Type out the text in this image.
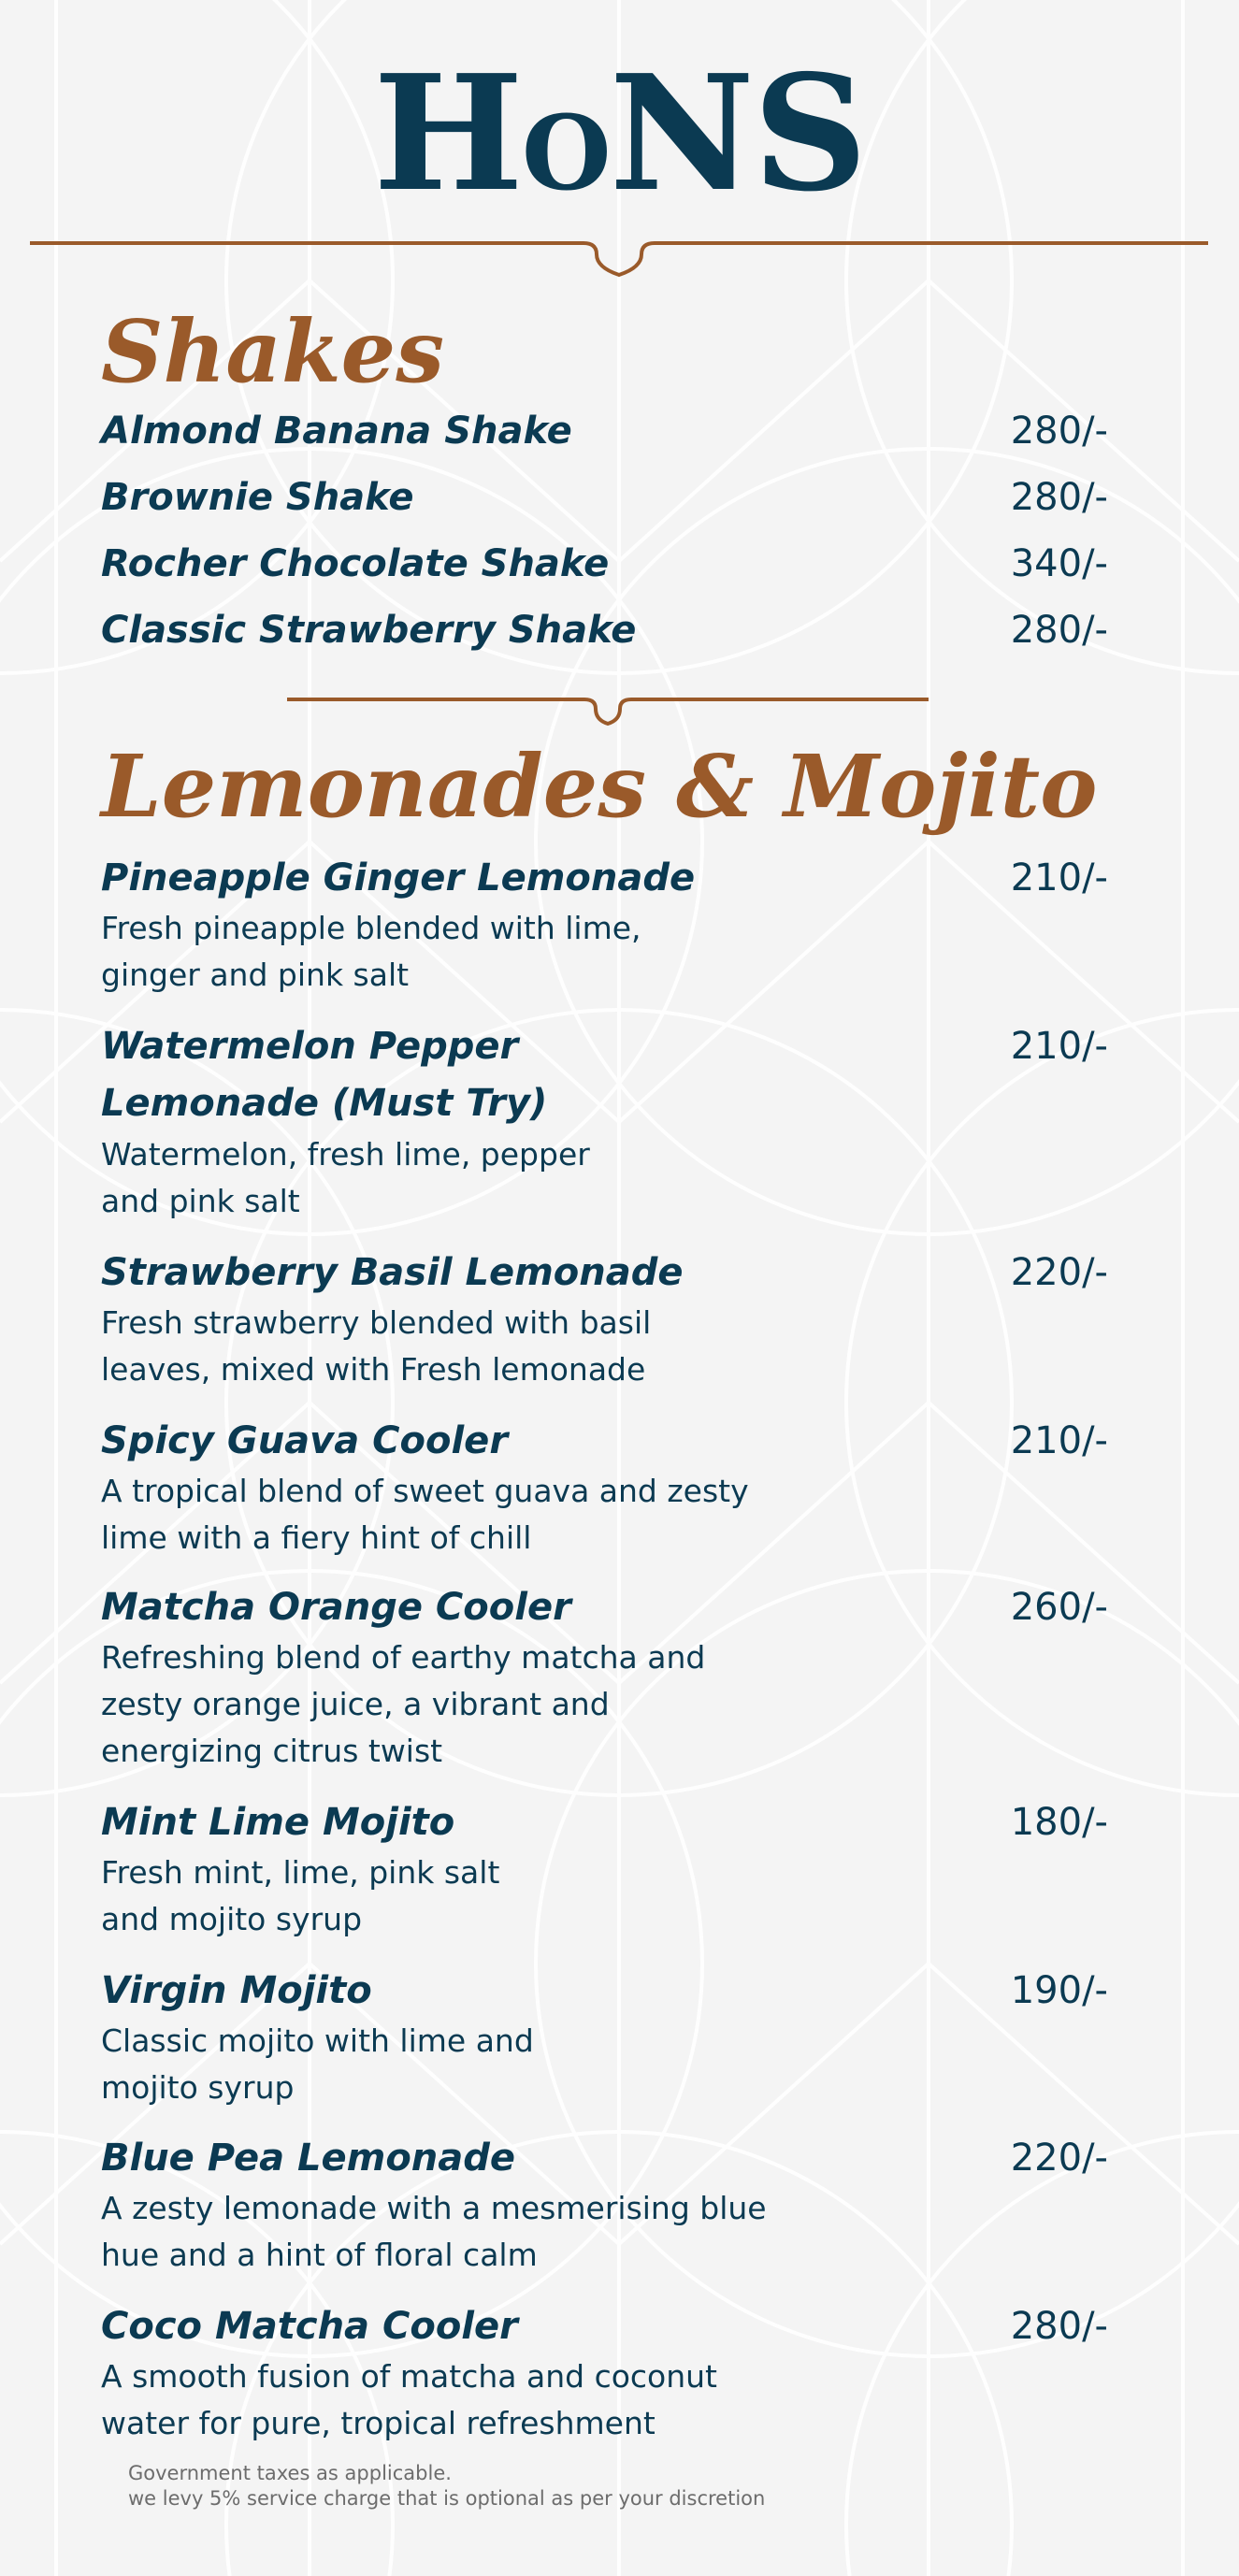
HONS
Shakes
Almond Banana Shake	280/-
Brownie Shake	280/-
Rocher Chocolate Shake	340/-
Classic Strawberry Shake	280/-
Lemonades & Mojito
Pineapple Ginger Lemonade	210/-

Fresh pineapple blended with lime, ginger and pink salt

Watermelon Pepper
Lemonade (Must Try)
210/-

Watermelon, fresh lime, pepper and pink salt

Strawberry Basil Lemonade	220/-

Fresh strawberry blended with basil leaves, mixed with Fresh lemonade

Spicy Guava Cooler	210/-

A tropical blend of sweet guava and zesty lime with a fiery hint of chill

Matcha Orange Cooler	260/-

Refreshing blend of earthy matcha and zesty orange juice, a vibrant and energizing citrus twist

Mint Lime Mojito	180/-

Fresh mint, lime, pink salt and mojito syrup

Virgin Mojito	190/-

Classic mojito with lime and mojito syrup

Blue Pea Lemonade	220/-

A zesty lemonade with a mesmerising blue hue and a hint of floral calm

Coco Matcha Cooler	280/-

A smooth fusion of matcha and coconut water for pure, tropical refreshment

Government taxes as applicable.
we levy 5% service charge that is optional as per your discretion
